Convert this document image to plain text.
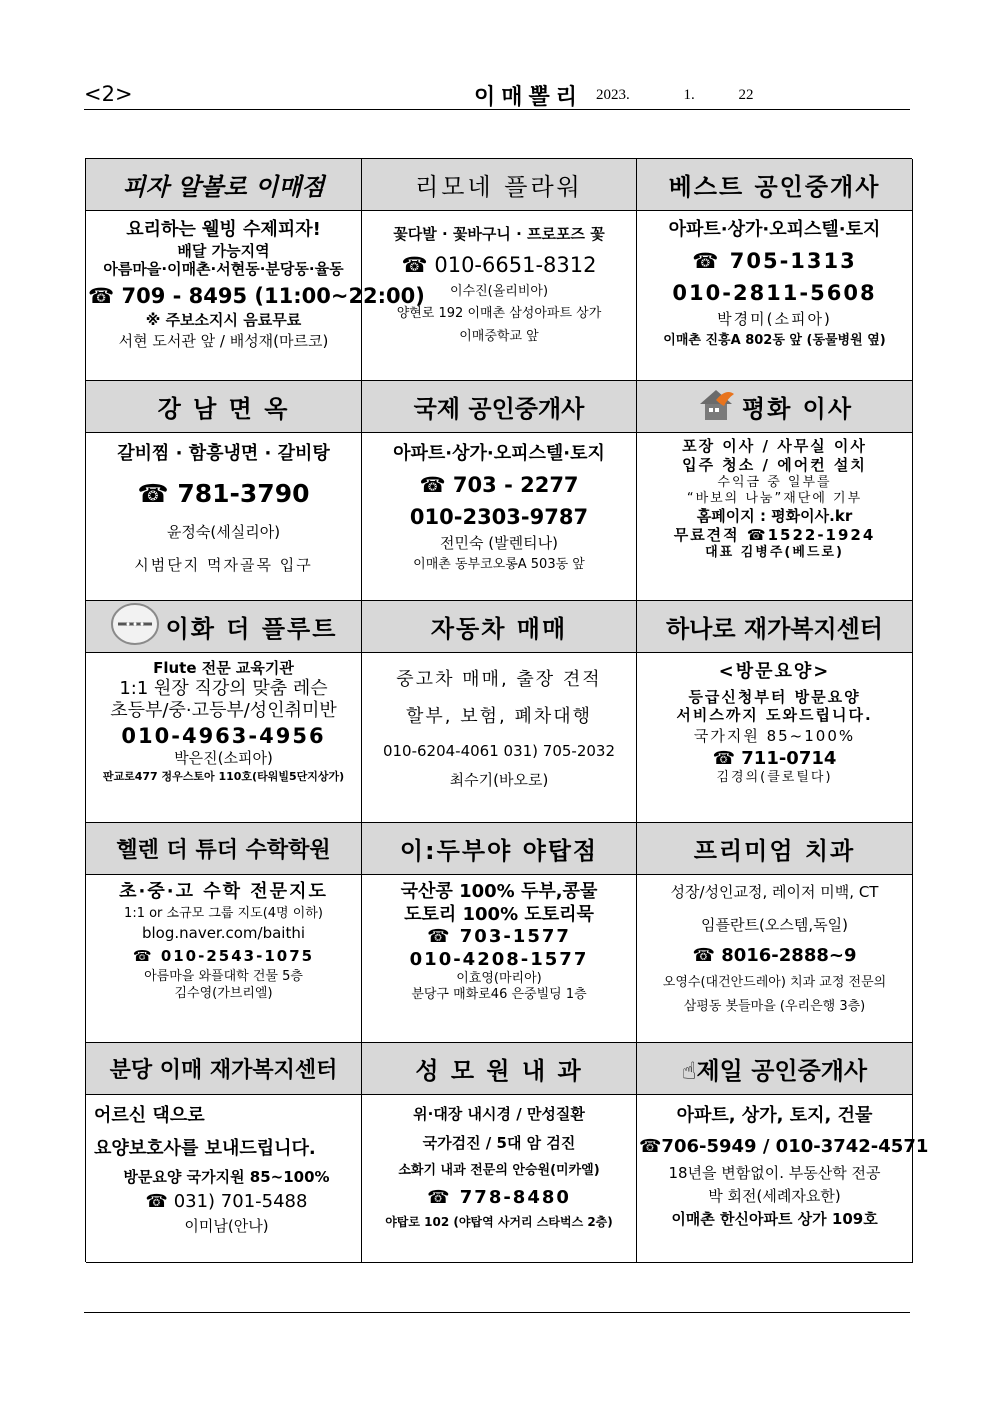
<2>	이매뽈리 2023.	1.	22
피자 알볼로 이매점
요리하는 웰빙 수제피자!
배달 가능지역
아름마을·이매촌·서현동·분당동·율동
☎ 709 - 8495 (11:00~22:00)
※ 주보소지시 음료무료
서현 도서관 앞 / 배성재(마르코)
리모네 플라워
꽃다발 · 꽃바구니 · 프로포즈 꽃
☎ 010-6651-8312
이수진(올리비아)
양현로 192 이매촌 삼성아파트 상가
이매중학교 앞
베스트 공인중개사
아파트·상가·오피스텔·토지
☎ 705-1313
010-2811-5608
박경미(소피아)
이매촌 진흥A 802동 앞 (동물병원 옆)
강 남 면 옥
갈비찜 · 함흥냉면 · 갈비탕
☎ 781-3790
윤정숙(세실리아)
시범단지 먹자골목 입구
국제 공인중개사
아파트·상가·오피스텔·토지
☎ 703 - 2277
010-2303-9787
전민숙 (발렌티나)
이매촌 동부코오롱A 503동 앞
평화 이사
포장 이사 / 사무실 이사
입주 청소 / 에어컨 설치
수익금 중 일부를
“바보의 나눔”재단에 기부
홈페이지 : 평화이사.kr
무료견적 ☎1522-1924
대표 김병주(베드로)
이화 더 플루트
Flute 전문 교육기관
1:1 원장 직강의 맞춤 레슨
초등부/중·고등부/성인취미반
010-4963-4956
박은진(소피아)
판교로477 정우스토아 110호(타워빌5단지상가)
자동차 매매
중고차 매매, 출장 견적
할부, 보험, 폐차대행
010-6204-4061 031) 705-2032
최수기(바오로)
하나로 재가복지센터
<방문요양>
등급신청부터 방문요양
서비스까지 도와드립니다.
국가지원 85~100%
☎ 711-0714
김경의(클로틸다)
헬렌 더 튜더 수학학원
초·중·고 수학 전문지도
1:1 or 소규모 그룹 지도(4명 이하)
blog.naver.com/baithi
☎ 010-2543-1075
아름마을 와플대학 건물 5층
김수영(가브리엘)
이:두부야 야탑점
국산콩 100% 두부,콩물
도토리 100% 도토리묵
☎ 703-1577
010-4208-1577
이효영(마리아)
분당구 매화로46 은중빌딩 1층
프리미엄 치과
성장/성인교정, 레이저 미백, CT
임플란트(오스템,독일)
☎ 8016-2888~9
오영수(대건안드레아) 치과 교정 전문의
삼평동 봇들마을 (우리은행 3층)
분당 이매 재가복지센터
어르신 댁으로
요양보호사를 보내드립니다.
방문요양 국가지원 85~100%
☎ 031) 701-5488
이미남(안나)
성 모 원 내 과
위·대장 내시경 / 만성질환
국가검진 / 5대 암 검진
소화기 내과 전문의 안승원(미카엘)
☎ 778-8480
야탑로 102 (야탑역 사거리 스타벅스 2층)
☝제일 공인중개사
아파트, 상가, 토지, 건물
☎706-5949 / 010-3742-4571
18년을 변함없이. 부동산학 전공
박 회전(세례자요한)
이매촌 한신아파트 상가 109호
